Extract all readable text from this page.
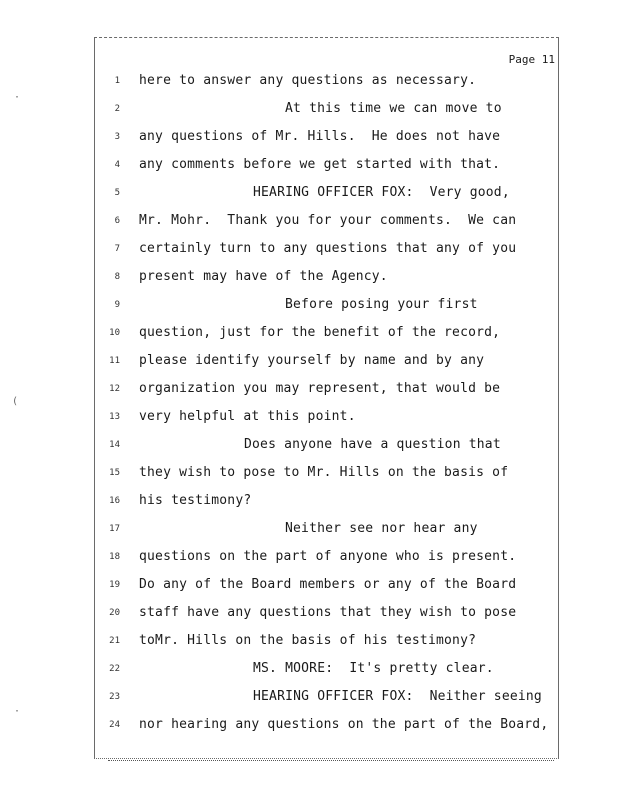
Page 11
1 here to answer any questions as necessary.
2	At this time we can move to
3 any questions of Mr. Hills.  He does not have
4 any comments before we get started with that.
5	HEARING OFFICER FOX:  Very good,
6 Mr. Mohr.  Thank you for your comments.  We can
7 certainly turn to any questions that any of you
8 present may have of the Agency.
9	Before posing your first
10 question, just for the benefit of the record,
11 please identify yourself by name and by any
12 organization you may represent, that would be
13 very helpful at this point.
14	Does anyone have a question that
15 they wish to pose to Mr. Hills on the basis of
16 his testimony?
17	Neither see nor hear any
18 questions on the part of anyone who is present.
19 Do any of the Board members or any of the Board
20 staff have any questions that they wish to pose
21 toMr. Hills on the basis of his testimony?
22	MS. MOORE:  It's pretty clear.
23	HEARING OFFICER FOX:  Neither seeing
24 nor hearing any questions on the part of the Board,
·
(
·
